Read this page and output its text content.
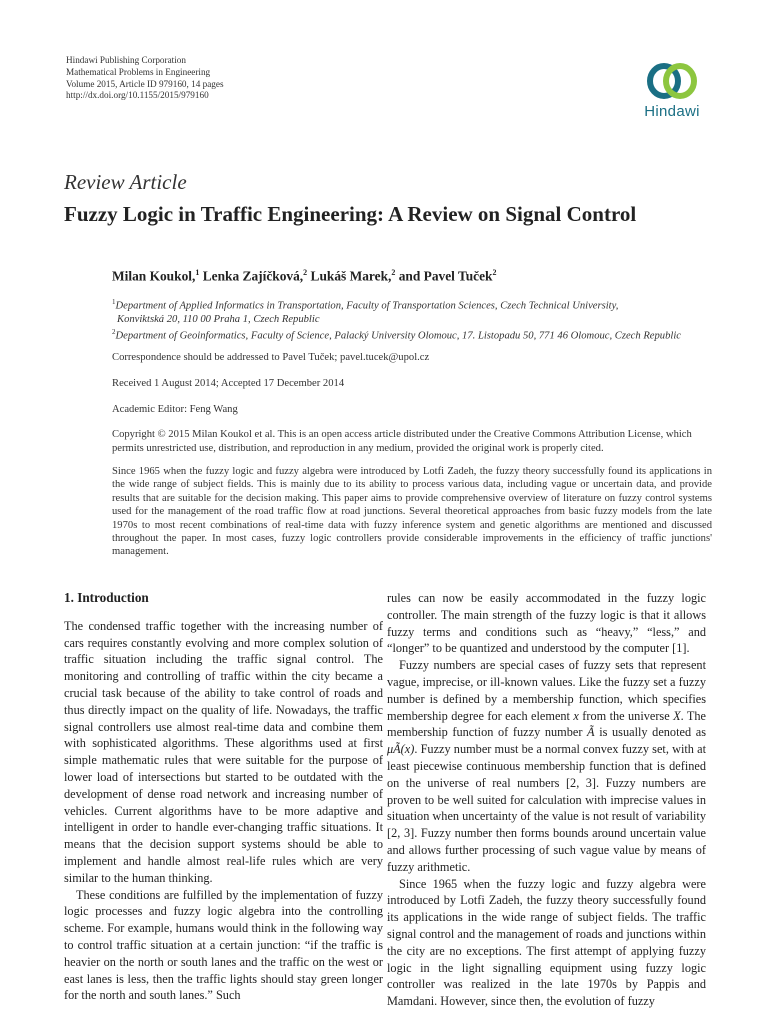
Hindawi Publishing Corporation
Mathematical Problems in Engineering
Volume 2015, Article ID 979160, 14 pages
http://dx.doi.org/10.1155/2015/979160
Hindawi
Review Article
Fuzzy Logic in Traffic Engineering: A Review on Signal Control
Milan Koukol,$^1$ Lenka Zajíčková,$^2$ Lukáš Marek,$^2$ and Pavel Tuček$^2$
$^1$Department of Applied Informatics in Transportation, Faculty of Transportation Sciences, Czech Technical University,
Konviktská 20, 110 00 Praha 1, Czech Republic
$^2$Department of Geoinformatics, Faculty of Science, Palacký University Olomouc, 17. Listopadu 50, 771 46 Olomouc, Czech Republic
Correspondence should be addressed to Pavel Tuček; pavel.tucek@upol.cz
Received 1 August 2014; Accepted 17 December 2014
Academic Editor: Feng Wang
Copyright © 2015 Milan Koukol et al. This is an open access article distributed under the Creative Commons Attribution License, which permits unrestricted use, distribution, and reproduction in any medium, provided the original work is properly cited.
Since 1965 when the fuzzy logic and fuzzy algebra were introduced by Lotfi Zadeh, the fuzzy theory successfully found its applications in the wide range of subject fields. This is mainly due to its ability to process various data, including vague or uncertain data, and provide results that are suitable for the decision making. This paper aims to provide comprehensive overview of literature on fuzzy control systems used for the management of the road traffic flow at road junctions. Several theoretical approaches from basic fuzzy models from the late 1970s to most recent combinations of real-time data with fuzzy inference system and genetic algorithms are mentioned and discussed throughout the paper. In most cases, fuzzy logic controllers provide considerable improvements in the efficiency of traffic junctions' management.
1. Introduction

The condensed traffic together with the increasing number of cars requires constantly evolving and more complex solution of traffic situation including the traffic signal control. The monitoring and controlling of traffic within the city became a crucial task because of the ability to take control of roads and thus directly impact on the quality of life. Nowadays, the traffic signal controllers use almost real-time data and combine them with sophisticated algorithms. These algorithms used at first simple mathematic rules that were suitable for the purpose of lower load of intersections but started to be outdated with the development of dense road network and increasing number of vehicles. Current algorithms have to be more adaptive and intelligent in order to handle ever-changing traffic situations. It means that the decision support systems should be able to implement and handle almost real-life rules which are very similar to the human thinking.

These conditions are fulfilled by the implementation of fuzzy logic processes and fuzzy logic algebra into the controlling scheme. For example, humans would think in the following way to control traffic situation at a certain junction: “if the traffic is heavier on the north or south lanes and the traffic on the west or east lanes is less, then the traffic lights should stay green longer for the north and south lanes.” Such

rules can now be easily accommodated in the fuzzy logic controller. The main strength of the fuzzy logic is that it allows fuzzy terms and conditions such as “heavy,” “less,” and “longer” to be quantized and understood by the computer [1].

Fuzzy numbers are special cases of fuzzy sets that represent vague, imprecise, or ill-known values. Like the fuzzy set a fuzzy number is defined by a membership function, which specifies membership degree for each element x from the universe X. The membership function of fuzzy number Ã is usually denoted as μÃ(x). Fuzzy number must be a normal convex fuzzy set, with at least piecewise continuous membership function that is defined on the universe of real numbers [2, 3]. Fuzzy numbers are proven to be well suited for calculation with imprecise values in situation when uncertainty of the value is not result of variability [2, 3]. Fuzzy number then forms bounds around uncertain value and allows further processing of such vague value by means of fuzzy arithmetic.

Since 1965 when the fuzzy logic and fuzzy algebra were introduced by Lotfi Zadeh, the fuzzy theory successfully found its applications in the wide range of subject fields. The traffic signal control and the management of roads and junctions within the city are no exceptions. The first attempt of applying fuzzy logic in the light signalling equipment using fuzzy logic controller was realized in the late 1970s by Pappis and Mamdani. However, since then, the evolution of fuzzy
